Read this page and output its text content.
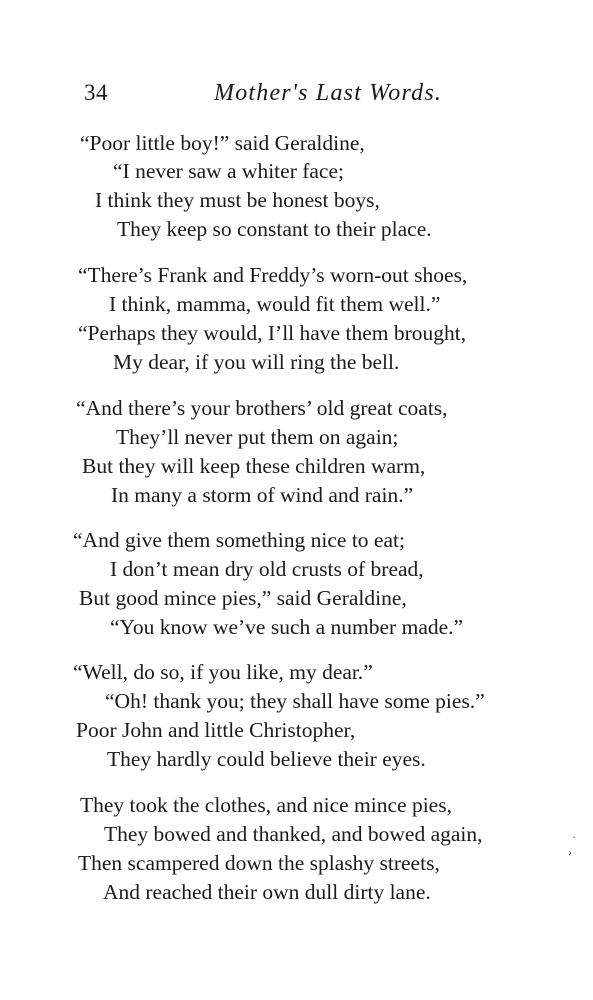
34	Mother's Last Words.
“Poor little boy!” said Geraldine,
“I never saw a whiter face;
I think they must be honest boys,
They keep so constant to their place.
“There’s Frank and Freddy’s worn-out shoes,
I think, mamma, would fit them well.”
“Perhaps they would, I’ll have them brought,
My dear, if you will ring the bell.
“And there’s your brothers’ old great coats,
They’ll never put them on again;
But they will keep these children warm,
In many a storm of wind and rain.”
“And give them something nice to eat;
I don’t mean dry old crusts of bread,
But good mince pies,” said Geraldine,
“You know we’ve such a number made.”
“Well, do so, if you like, my dear.”
“Oh! thank you; they shall have some pies.”
Poor John and little Christopher,
They hardly could believe their eyes.
They took the clothes, and nice mince pies,
They bowed and thanked, and bowed again,
Then scampered down the splashy streets,
And reached their own dull dirty lane.
·
›
